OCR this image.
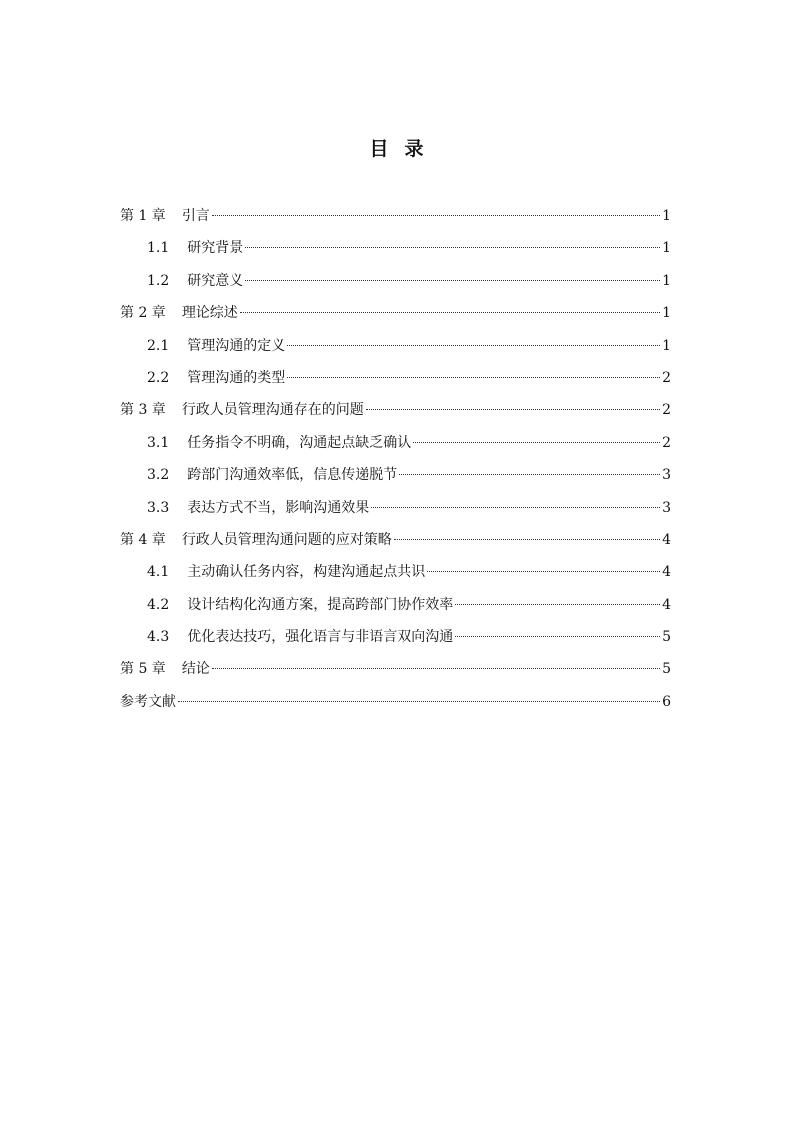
目 录
第 1 章 引言	1
1.1 研究背景	1
1.2 研究意义	1
第 2 章 理论综述	1
2.1 管理沟通的定义	1
2.2 管理沟通的类型	2
第 3 章 行政人员管理沟通存在的问题	2
3.1 任务指令不明确，沟通起点缺乏确认	2
3.2 跨部门沟通效率低，信息传递脱节	3
3.3 表达方式不当，影响沟通效果	3
第 4 章 行政人员管理沟通问题的应对策略	4
4.1 主动确认任务内容，构建沟通起点共识	4
4.2 设计结构化沟通方案，提高跨部门协作效率	4
4.3 优化表达技巧，强化语言与非语言双向沟通	5
第 5 章 结论	5
参考文献	6
